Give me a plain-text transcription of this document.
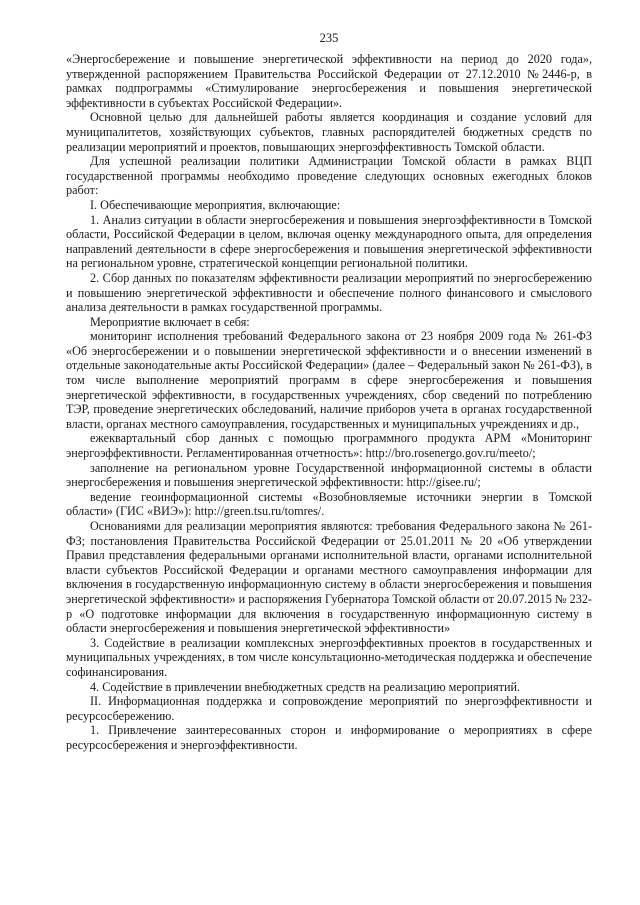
235

«Энергосбережение и повышение энергетической эффективности на период до 2020 года», утвержденной распоряжением Правительства Российской Федерации от 27.12.2010 №2446-р, в рамках подпрограммы «Стимулирование энергосбережения и повышения энергетической эффективности в субъектах Российской Федерации».

Основной целью для дальнейшей работы является координация и создание условий для муниципалитетов, хозяйствующих субъектов, главных распорядителей бюджетных средств по реализации мероприятий и проектов, повышающих энергоэффективность Томской области.

Для успешной реализации политики Администрации Томской области в рамках ВЦП государственной программы необходимо проведение следующих основных ежегодных блоков работ:

I. Обеспечивающие мероприятия, включающие:

1. Анализ ситуации в области энергосбережения и повышения энергоэффективности в Томской области, Российской Федерации в целом, включая оценку международного опыта, для определения направлений деятельности в сфере энергосбережения и повышения энергетической эффективности на региональном уровне, стратегической концепции региональной политики.

2. Сбор данных по показателям эффективности реализации мероприятий по энергосбережению и повышению энергетической эффективности и обеспечение полного финансового и смыслового анализа деятельности в рамках государственной программы.

Мероприятие включает в себя:

мониторинг исполнения требований Федерального закона от 23 ноября 2009 года № 261-ФЗ «Об энергосбережении и о повышении энергетической эффективности и о внесении изменений в отдельные законодательные акты Российской Федерации» (далее – Федеральный закон № 261-ФЗ), в том числе выполнение мероприятий программ в сфере энергосбережения и повышения энергетической эффективности, в государственных учреждениях, сбор сведений по потреблению ТЭР, проведение энергетических обследований, наличие приборов учета в органах государственной власти, органах местного самоуправления, государственных и муниципальных учреждениях и др.,

ежеквартальный сбор данных с помощью программного продукта АРМ «Мониторинг энергоэффективности. Регламентированная отчетность»: http://bro.rosenergo.gov.ru/meeto/;

заполнение на региональном уровне Государственной информационной системы в области энергосбережения и повышения энергетической эффективности: http://gisee.ru/;

ведение геоинформационной системы «Возобновляемые источники энергии в Томской области» (ГИС «ВИЭ»): http://green.tsu.ru/tomres/.

Основаниями для реализации мероприятия являются: требования Федерального закона № 261-ФЗ; постановления Правительства Российской Федерации от 25.01.2011 № 20 «Об утверждении Правил представления федеральными органами исполнительной власти, органами исполнительной власти субъектов Российской Федерации и органами местного самоуправления информации для включения в государственную информационную систему в области энергосбережения и повышения энергетической эффективности» и распоряжения Губернатора Томской области от 20.07.2015 № 232-р «О подготовке информации для включения в государственную информационную систему в области энергосбережения и повышения энергетической эффективности»

3. Содействие в реализации комплексных энергоэффективных проектов в государственных и муниципальных учреждениях, в том числе консультационно-методическая поддержка и обеспечение софинансирования.

4. Содействие в привлечении внебюджетных средств на реализацию мероприятий.

II. Информационная поддержка и сопровождение мероприятий по энергоэффективности и ресурсосбережению.

1. Привлечение заинтересованных сторон и информирование о мероприятиях в сфере ресурсосбережения и энергоэффективности.
